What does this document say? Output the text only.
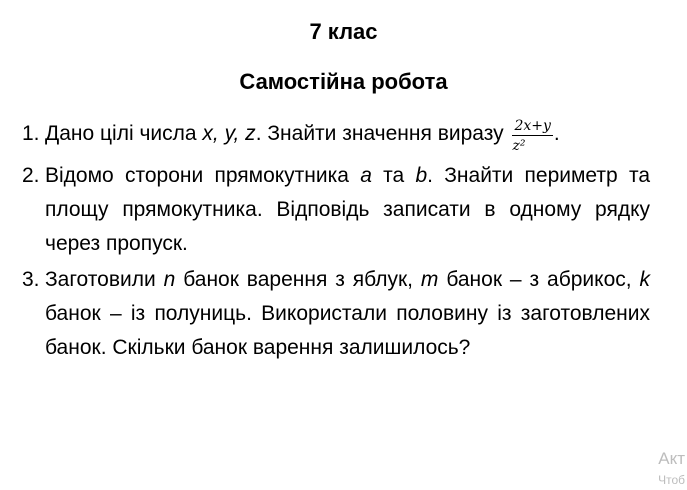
7 клас
Самостійна робота
1. Дано цілі числа x, y, z. Знайти значення виразу $\frac{2x+y}{\text{z²}}$ .
2. Відомо сторони прямокутника a та b. Знайти периметр та площу прямокутника. Відповідь записати в одному рядку через пропуск.
3. Заготовили n банок варення з яблук, m банок – з абрикос, k банок – із полуниць. Використали половину із заготовлених банок. Скільки банок варення залишилось?
Акт
Чтоб
